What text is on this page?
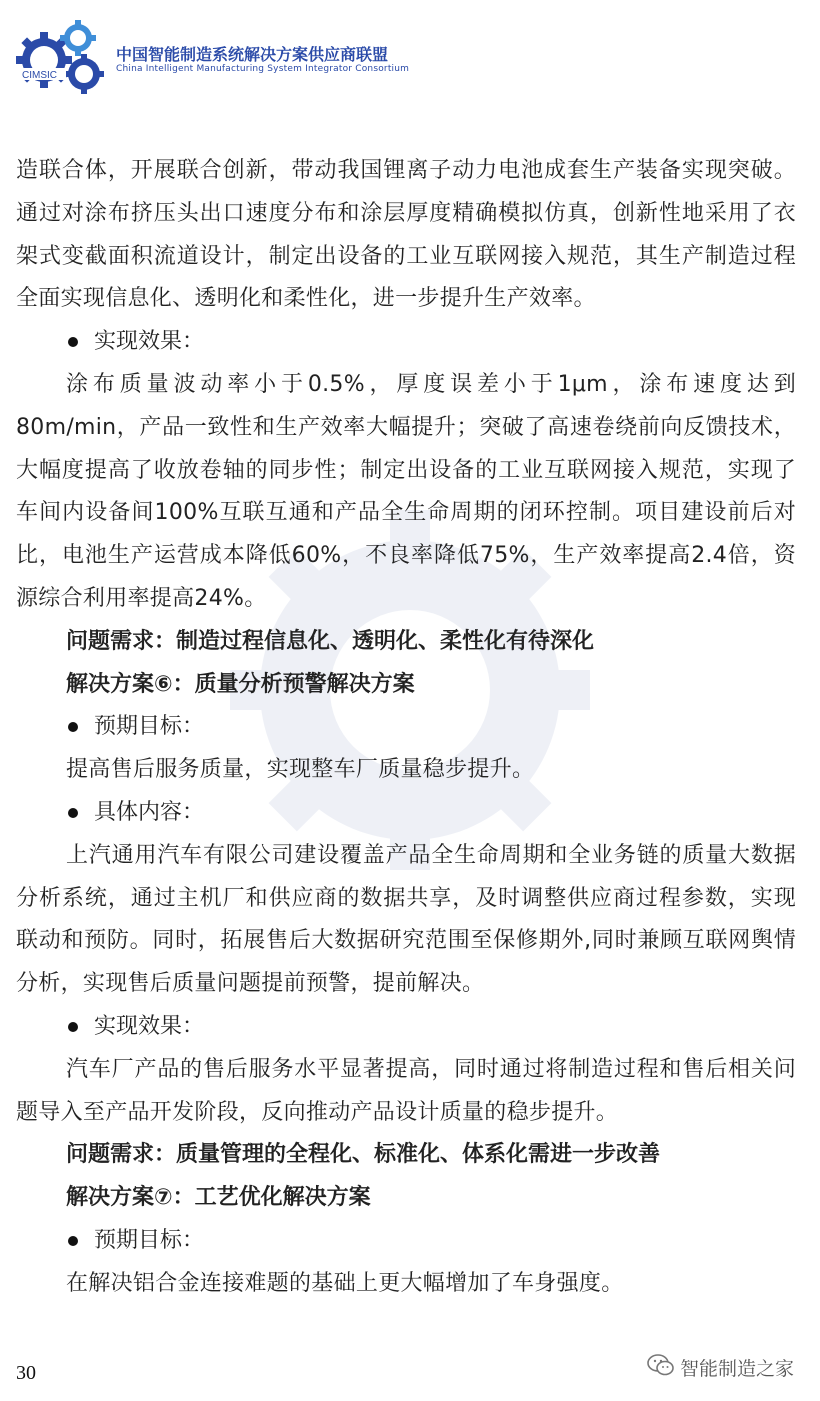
CIMSIC
中国智能制造系统解决方案供应商联盟
China Intelligent Manufacturing System Integrator Consortium

造联合体，开展联合创新，带动我国锂离子动力电池成套生产装备实现突破。通过对涂布挤压头出口速度分布和涂层厚度精确模拟仿真，创新性地采用了衣架式变截面积流道设计，制定出设备的工业互联网接入规范，其生产制造过程全面实现信息化、透明化和柔性化，进一步提升生产效率。

实现效果：

涂布质量波动率小于0.5%，厚度误差小于1μm，涂布速度达到80m/min，产品一致性和生产效率大幅提升；突破了高速卷绕前向反馈技术，大幅度提高了收放卷轴的同步性；制定出设备的工业互联网接入规范，实现了车间内设备间100%互联互通和产品全生命周期的闭环控制。项目建设前后对比，电池生产运营成本降低60%，不良率降低75%，生产效率提高2.4倍，资源综合利用率提高24%。

问题需求：制造过程信息化、透明化、柔性化有待深化

解决方案⑥：质量分析预警解决方案

预期目标：

提高售后服务质量，实现整车厂质量稳步提升。

具体内容：

上汽通用汽车有限公司建设覆盖产品全生命周期和全业务链的质量大数据分析系统，通过主机厂和供应商的数据共享，及时调整供应商过程参数，实现联动和预防。同时，拓展售后大数据研究范围至保修期外,同时兼顾互联网舆情分析，实现售后质量问题提前预警，提前解决。

实现效果：

汽车厂产品的售后服务水平显著提高，同时通过将制造过程和售后相关问题导入至产品开发阶段，反向推动产品设计质量的稳步提升。

问题需求：质量管理的全程化、标准化、体系化需进一步改善

解决方案⑦：工艺优化解决方案

预期目标：

在解决铝合金连接难题的基础上更大幅增加了车身强度。

30	智能制造之家
